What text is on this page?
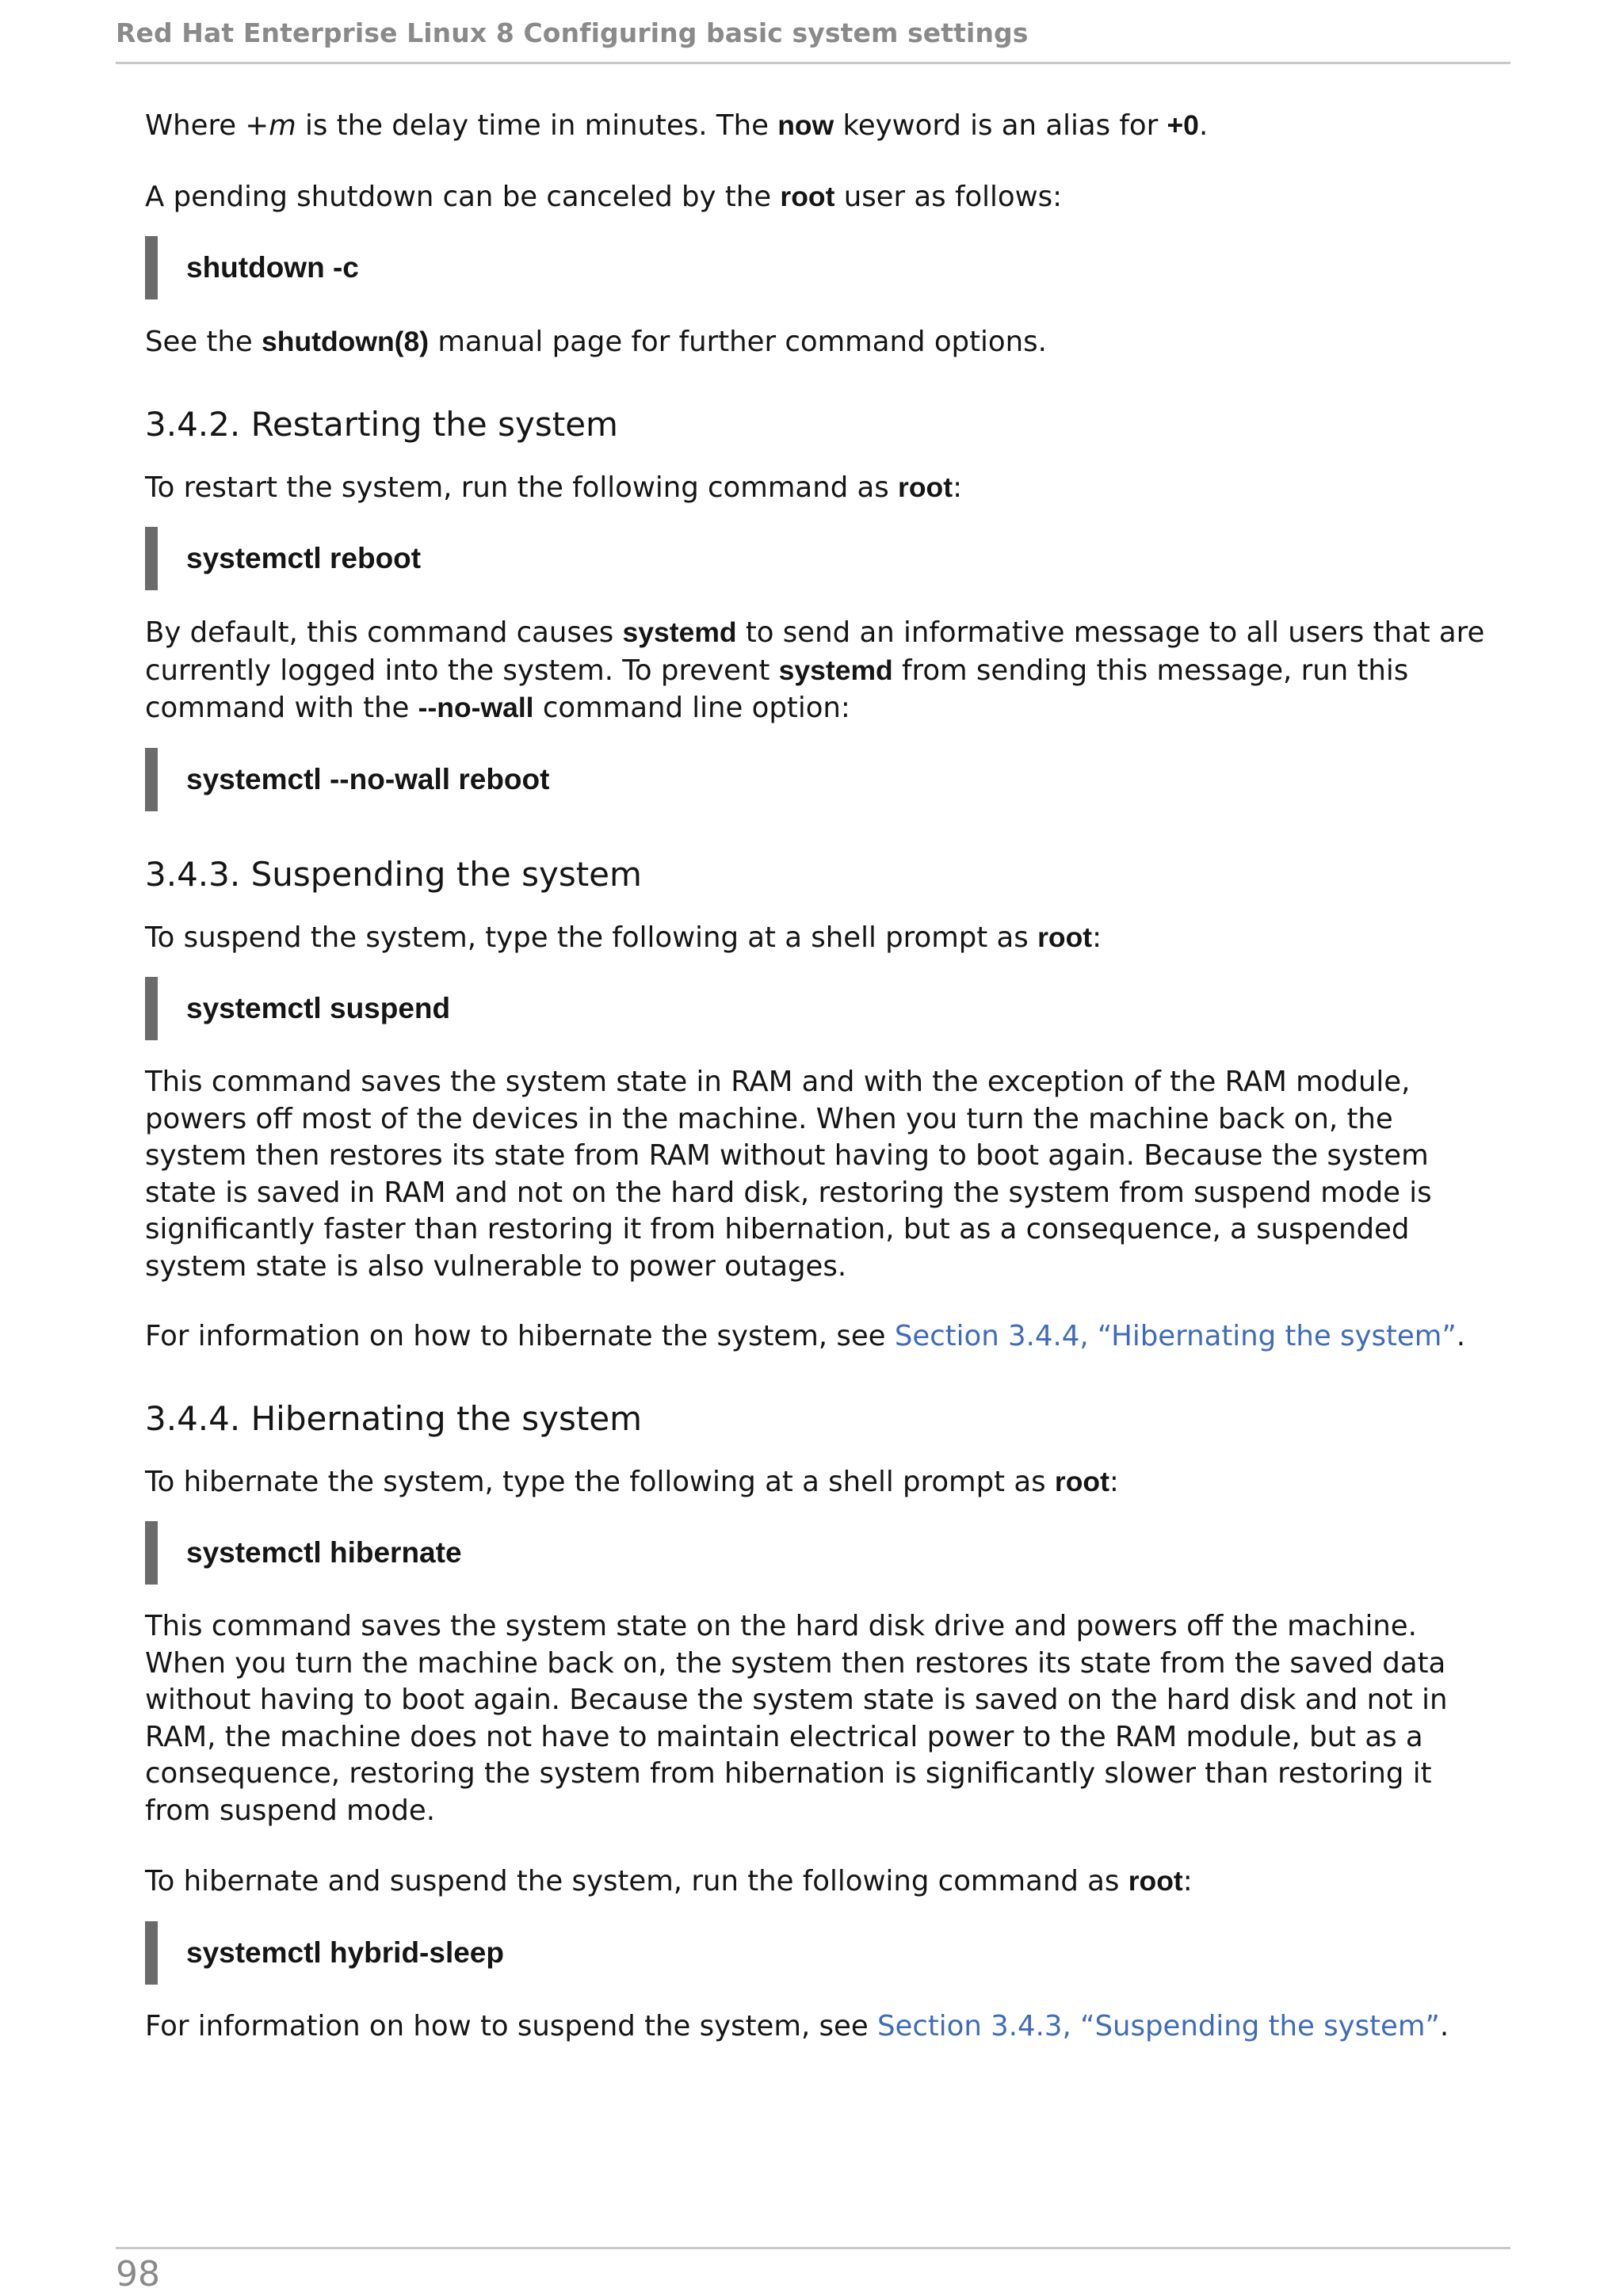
Red Hat Enterprise Linux 8 Configuring basic system settings

Where +m is the delay time in minutes. The now keyword is an alias for +0.

A pending shutdown can be canceled by the root user as follows:

shutdown -c

See the shutdown(8) manual page for further command options.

3.4.2. Restarting the system

To restart the system, run the following command as root:

systemctl reboot

By default, this command causes systemd to send an informative message to all users that are currently logged into the system. To prevent systemd from sending this message, run this command with the --no-wall command line option:

systemctl --no-wall reboot
3.4.3. Suspending the system

To suspend the system, type the following at a shell prompt as root:

systemctl suspend

This command saves the system state in RAM and with the exception of the RAM module, powers off most of the devices in the machine. When you turn the machine back on, the system then restores its state from RAM without having to boot again. Because the system state is saved in RAM and not on the hard disk, restoring the system from suspend mode is significantly faster than restoring it from hibernation, but as a consequence, a suspended system state is also vulnerable to power outages.

For information on how to hibernate the system, see Section 3.4.4, “Hibernating the system”.

3.4.4. Hibernating the system

To hibernate the system, type the following at a shell prompt as root:

systemctl hibernate

This command saves the system state on the hard disk drive and powers off the machine. When you turn the machine back on, the system then restores its state from the saved data without having to boot again. Because the system state is saved on the hard disk and not in RAM, the machine does not have to maintain electrical power to the RAM module, but as a consequence, restoring the system from hibernation is significantly slower than restoring it from suspend mode.

To hibernate and suspend the system, run the following command as root:

systemctl hybrid-sleep

For information on how to suspend the system, see Section 3.4.3, “Suspending the system”.

98
